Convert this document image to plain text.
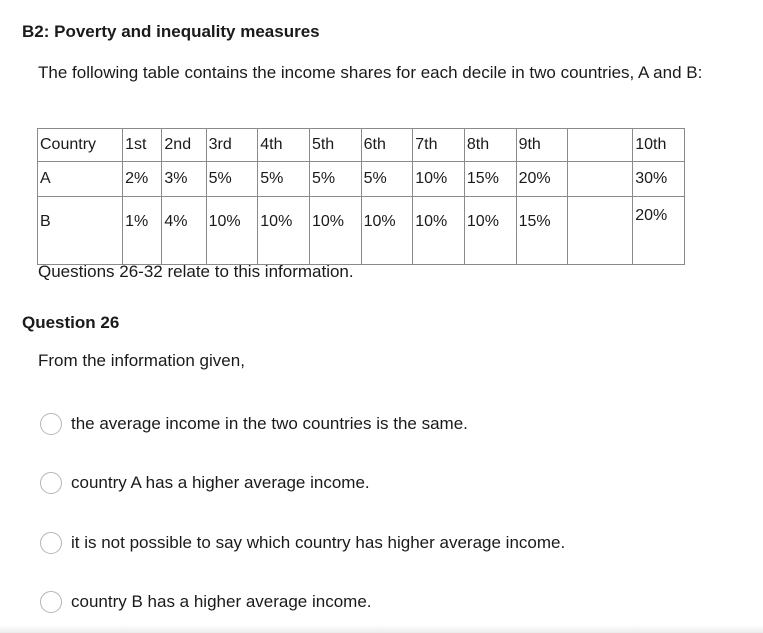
B2: Poverty and inequality measures

The following table contains the income shares for each decile in two countries, A and B:

Country	1st	2nd	3rd	4th	5th	6th	7th	8th	9th		10th
A	2%	3%	5%	5%	5%	5%	10%	15%	20%		30%
B	1%	4%	10%	10%	10%	10%	10%	10%	15%		20%

Questions 26-32 relate to this information.

Question 26

From the information given,

the average income in the two countries is the same.
country A has a higher average income.
it is not possible to say which country has higher average income.
country B has a higher average income.
